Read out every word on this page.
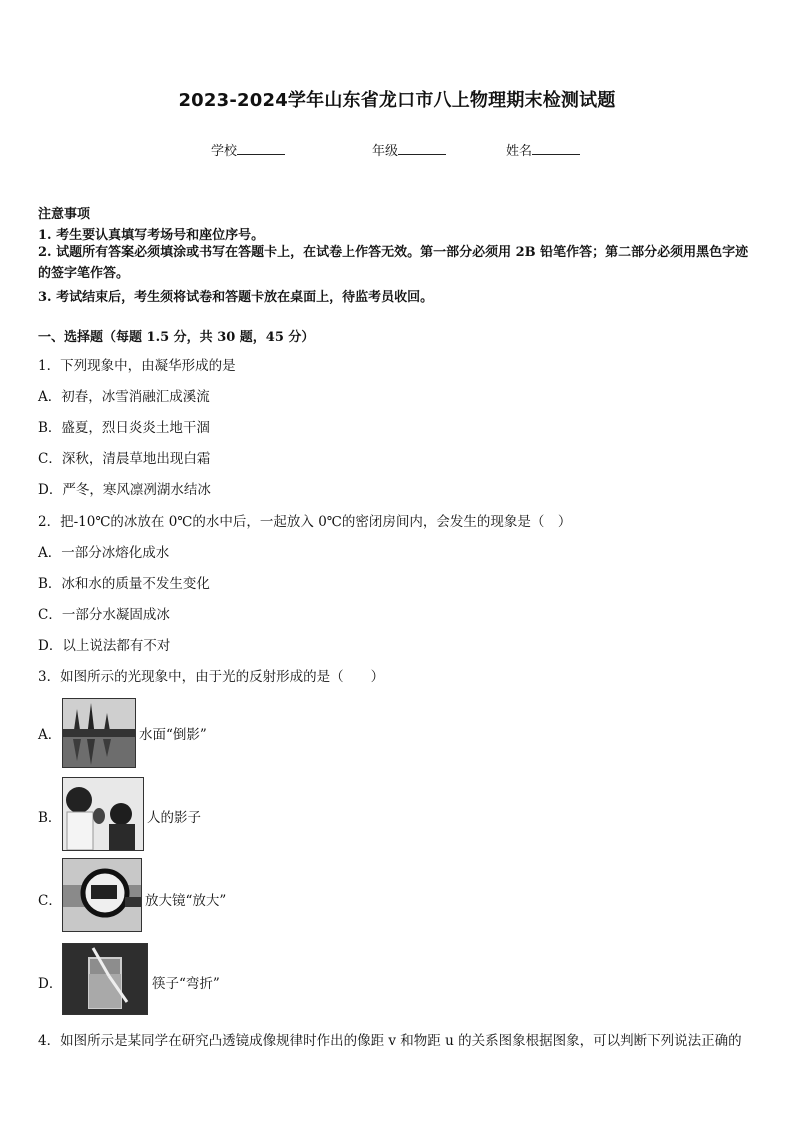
2023-2024学年山东省龙口市八上物理期末检测试题
学校	年级	姓名
注意事项
1. 考生要认真填写考场号和座位序号。
2. 试题所有答案必须填涂或书写在答题卡上，在试卷上作答无效。第一部分必须用 2B 铅笔作答；第二部分必须用黑色字迹的签字笔作答。
3. 考试结束后，考生须将试卷和答题卡放在桌面上，待监考员收回。
一、选择题（每题 1.5 分，共 30 题，45 分）
1．下列现象中，由凝华形成的是
A．初春，冰雪消融汇成溪流
B．盛夏，烈日炎炎土地干涸
C．深秋，清晨草地出现白霜
D．严冬，寒风凛冽湖水结冰
2．把-10℃的冰放在 0℃的水中后，一起放入 0℃的密闭房间内，会发生的现象是（　）
A．一部分冰熔化成水
B．冰和水的质量不发生变化
C．一部分水凝固成冰
D．以上说法都有不对
3．如图所示的光现象中，由于光的反射形成的是（　　）
A．	水面“倒影”
B．	人的影子
C．	放大镜“放大”
D．	筷子“弯折”
4．如图所示是某同学在研究凸透镜成像规律时作出的像距 v 和物距 u 的关系图象根据图象，可以判断下列说法正确的
